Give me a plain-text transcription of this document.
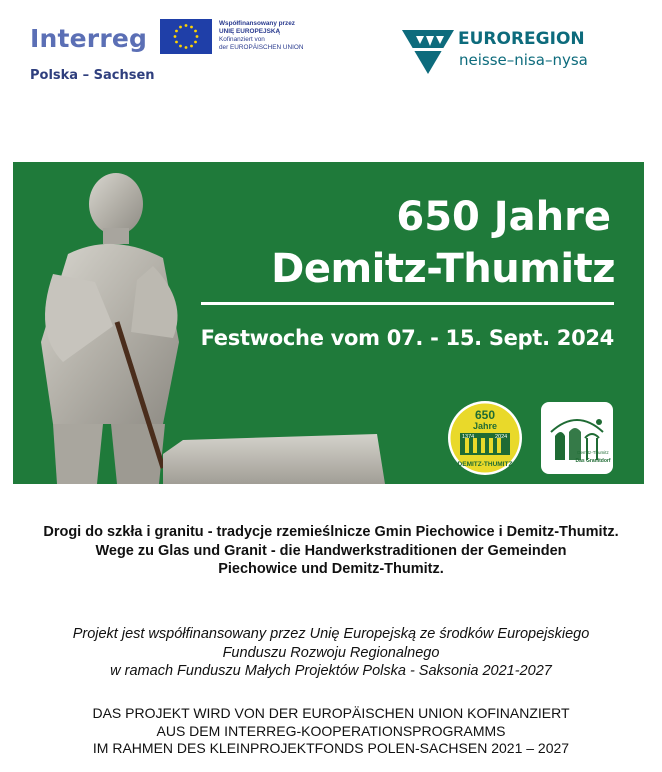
Interreg
Polska – Sachsen
Współfinansowany przez
UNIĘ EUROPEJSKĄ
Kofinanziert von
der EUROPÄISCHEN UNION	EUROREGION
neisse–nisa–nysa
650 Jahre
Demitz-Thumitz
Festwoche vom 07. - 15. Sept. 2024
650
Jahre
1374	2024
DEMITZ-THUMITZ
Demitz-Thumitz
Das Granitdorf
Drogi do szkła i granitu - tradycje rzemieślnicze Gmin Piechowice i Demitz-Thumitz.
Wege zu Glas und Granit - die Handwerkstraditionen der Gemeinden
Piechowice und Demitz-Thumitz.
Projekt jest współfinansowany przez Unię Europejską ze środków Europejskiego
Funduszu Rozwoju Regionalnego
w ramach Funduszu Małych Projektów Polska - Saksonia 2021-2027
DAS PROJEKT WIRD VON DER EUROPÄISCHEN UNION KOFINANZIERT
AUS DEM INTERREG-KOOPERATIONSPROGRAMMS
IM RAHMEN DES KLEINPROJEKTFONDS POLEN-SACHSEN 2021 – 2027
